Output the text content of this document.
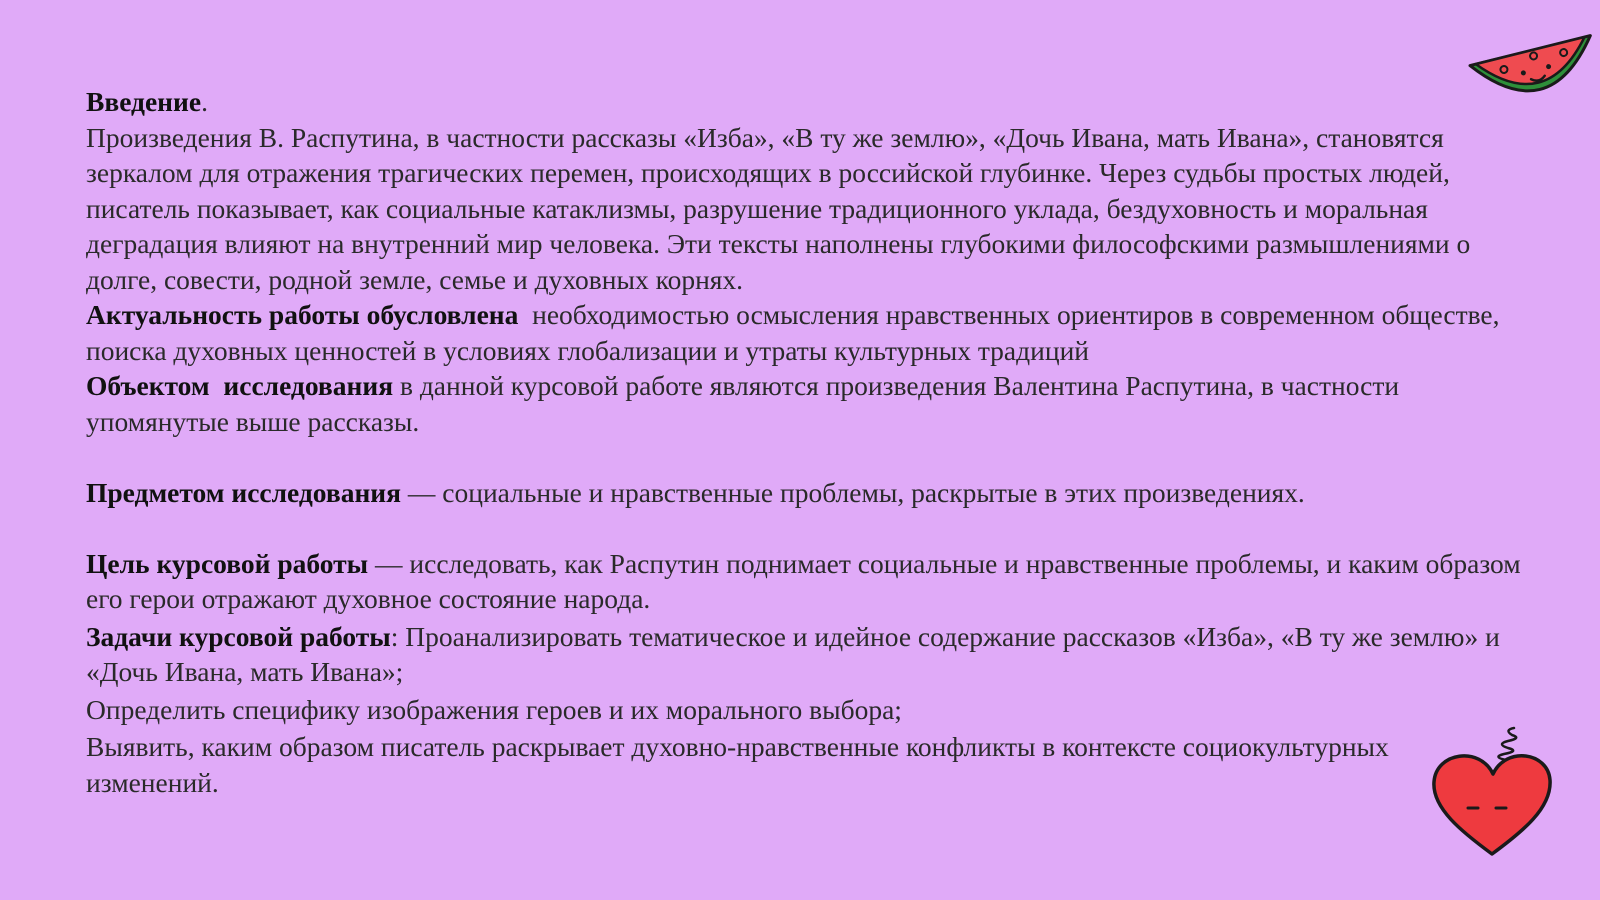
Введение.

Произведения В. Распутина, в частности рассказы «Изба», «В ту же землю», «Дочь Ивана, мать Ивана», становятся зеркалом для отражения трагических перемен, происходящих в российской глубинке. Через судьбы простых людей, писатель показывает, как социальные катаклизмы, разрушение традиционного уклада, бездуховность и моральная деградация влияют на внутренний мир человека. Эти тексты наполнены глубокими философскими размышлениями о долге, совести, родной земле, семье и духовных корнях.

Актуальность работы обусловлена  необходимостью осмысления нравственных ориентиров в современном обществе, поиска духовных ценностей в условиях глобализации и утраты культурных традиций

Объектом  исследования в данной курсовой работе являются произведения Валентина Распутина, в частности упомянутые выше рассказы.

Предметом исследования — социальные и нравственные проблемы, раскрытые в этих произведениях.

Цель курсовой работы — исследовать, как Распутин поднимает социальные и нравственные проблемы, и каким образом его герои отражают духовное состояние народа.

Задачи курсовой работы: Проанализировать тематическое и идейное содержание рассказов «Изба», «В ту же землю» и «Дочь Ивана, мать Ивана»;

Определить специфику изображения героев и их морального выбора;

Выявить, каким образом писатель раскрывает духовно-нравственные конфликты в контексте социокультурных изменений.
